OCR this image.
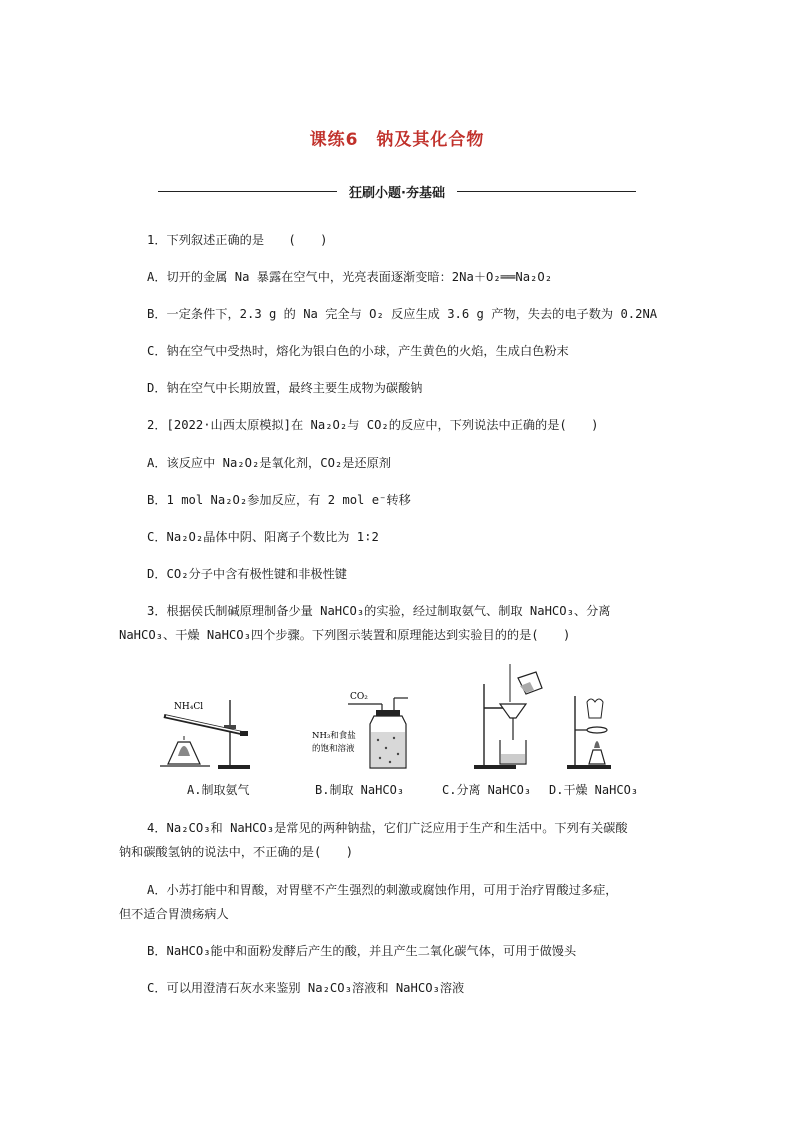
课练6　钠及其化合物
狂刷小题·夯基础
1．下列叙述正确的是　　(　　)
A．切开的金属 Na 暴露在空气中，光亮表面逐渐变暗：2Na＋O₂══Na₂O₂
B．一定条件下，2.3 g 的 Na 完全与 O₂ 反应生成 3.6 g 产物，失去的电子数为 0.2NA
C．钠在空气中受热时，熔化为银白色的小球，产生黄色的火焰，生成白色粉末
D．钠在空气中长期放置，最终主要生成物为碳酸钠
2．[2022·山西太原模拟]在 Na₂O₂与 CO₂的反应中，下列说法中正确的是(　　)
A．该反应中 Na₂O₂是氧化剂，CO₂是还原剂
B．1 mol Na₂O₂参加反应，有 2 mol e⁻转移
C．Na₂O₂晶体中阴、阳离子个数比为 1∶2
D．CO₂分子中含有极性键和非极性键
3．根据侯氏制碱原理制备少量 NaHCO₃的实验，经过制取氨气、制取 NaHCO₃、分离
NaHCO₃、干燥 NaHCO₃四个步骤。下列图示装置和原理能达到实验目的的是(　　)
NH₄Cl
CO₂
NH₃和食盐
的饱和溶液
A.制取氨气	B.制取 NaHCO₃	C.分离 NaHCO₃ D.干燥 NaHCO₃
4．Na₂CO₃和 NaHCO₃是常见的两种钠盐，它们广泛应用于生产和生活中。下列有关碳酸
钠和碳酸氢钠的说法中，不正确的是(　　)
A．小苏打能中和胃酸，对胃壁不产生强烈的刺激或腐蚀作用，可用于治疗胃酸过多症，
但不适合胃溃疡病人
B．NaHCO₃能中和面粉发酵后产生的酸，并且产生二氧化碳气体，可用于做馒头
C．可以用澄清石灰水来鉴别 Na₂CO₃溶液和 NaHCO₃溶液
